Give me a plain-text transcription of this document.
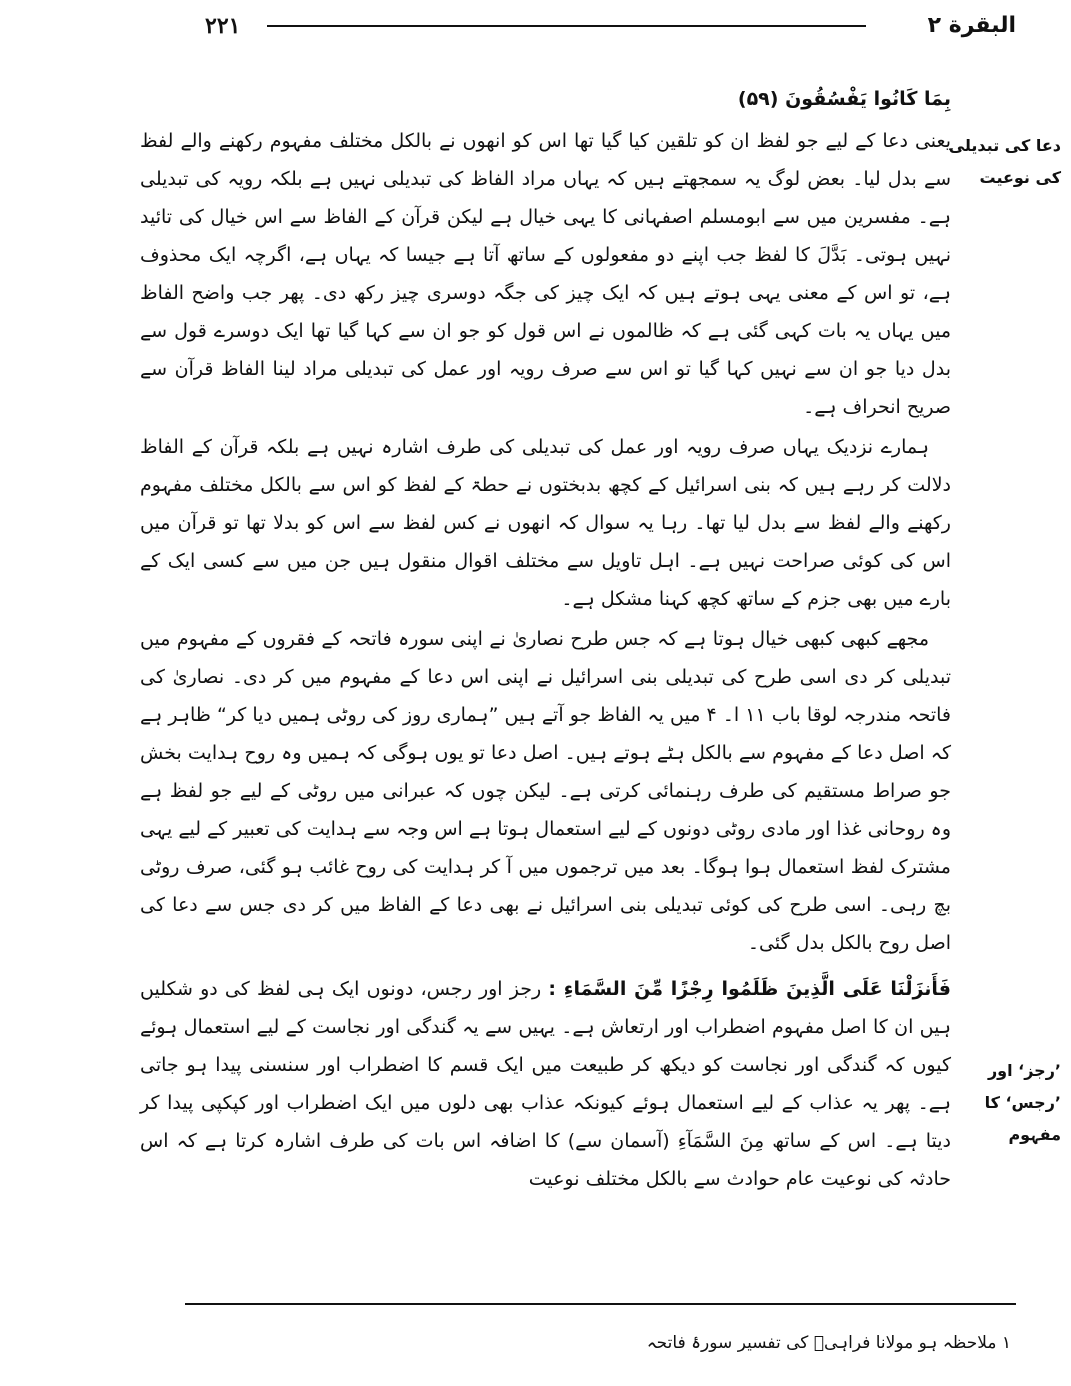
۲۲۱	البقرة ۲
دعا کی تبدیلی کی نوعیت
’رجز‘ اور ’رجس‘ کا مفہوم

بِمَا كَانُوا يَفْسُقُونَ (۵۹)

یعنی دعا کے لیے جو لفظ ان کو تلقین کیا گیا تھا اس کو انھوں نے بالکل مختلف مفہوم رکھنے والے لفظ سے بدل لیا۔ بعض لوگ یہ سمجھتے ہیں کہ یہاں مراد الفاظ کی تبدیلی نہیں ہے بلکہ رویہ کی تبدیلی ہے۔ مفسرین میں سے ابومسلم اصفہانی کا یہی خیال ہے لیکن قرآن کے الفاظ سے اس خیال کی تائید نہیں ہوتی۔ بَدَّلَ کا لفظ جب اپنے دو مفعولوں کے ساتھ آتا ہے جیسا کہ یہاں ہے، اگرچہ ایک محذوف ہے، تو اس کے معنی یہی ہوتے ہیں کہ ایک چیز کی جگہ دوسری چیز رکھ دی۔ پھر جب واضح الفاظ میں یہاں یہ بات کہی گئی ہے کہ ظالموں نے اس قول کو جو ان سے کہا گیا تھا ایک دوسرے قول سے بدل دیا جو ان سے نہیں کہا گیا تو اس سے صرف رویہ اور عمل کی تبدیلی مراد لینا الفاظ قرآن سے صریح انحراف ہے۔

ہمارے نزدیک یہاں صرف رویہ اور عمل کی تبدیلی کی طرف اشارہ نہیں ہے بلکہ قرآن کے الفاظ دلالت کر رہے ہیں کہ بنی اسرائیل کے کچھ بدبختوں نے حطۃ کے لفظ کو اس سے بالکل مختلف مفہوم رکھنے والے لفظ سے بدل لیا تھا۔ رہا یہ سوال کہ انھوں نے کس لفظ سے اس کو بدلا تھا تو قرآن میں اس کی کوئی صراحت نہیں ہے۔ اہل تاویل سے مختلف اقوال منقول ہیں جن میں سے کسی ایک کے بارے میں بھی جزم کے ساتھ کچھ کہنا مشکل ہے۔

مجھے کبھی کبھی خیال ہوتا ہے کہ جس طرح نصاریٰ نے اپنی سورہ فاتحہ کے فقروں کے مفہوم میں تبدیلی کر دی اسی طرح کی تبدیلی بنی اسرائیل نے اپنی اس دعا کے مفہوم میں کر دی۔ نصاریٰ کی فاتحہ مندرجہ لوقا باب ۱۱ ا۔ ۴ میں یہ الفاظ جو آتے ہیں ”ہماری روز کی روٹی ہمیں دیا کر“ ظاہر ہے کہ اصل دعا کے مفہوم سے بالکل ہٹے ہوتے ہیں۔ اصل دعا تو یوں ہوگی کہ ہمیں وہ روح ہدایت بخش جو صراط مستقیم کی طرف رہنمائی کرتی ہے۔ لیکن چوں کہ عبرانی میں روٹی کے لیے جو لفظ ہے وہ روحانی غذا اور مادی روٹی دونوں کے لیے استعمال ہوتا ہے اس وجہ سے ہدایت کی تعبیر کے لیے یہی مشترک لفظ استعمال ہوا ہوگا۔ بعد میں ترجموں میں آ کر ہدایت کی روح غائب ہو گئی، صرف روٹی بچ رہی۔ اسی طرح کی کوئی تبدیلی بنی اسرائیل نے بھی دعا کے الفاظ میں کر دی جس سے دعا کی اصل روح بالکل بدل گئی۔

فَأَنزَلْنَا عَلَى الَّذِينَ ظَلَمُوا رِجْزًا مِّنَ السَّمَاءِ : رجز اور رجس، دونوں ایک ہی لفظ کی دو شکلیں ہیں ان کا اصل مفہوم اضطراب اور ارتعاش ہے۔ یہیں سے یہ گندگی اور نجاست کے لیے استعمال ہوئے کیوں کہ گندگی اور نجاست کو دیکھ کر طبیعت میں ایک قسم کا اضطراب اور سنسنی پیدا ہو جاتی ہے۔ پھر یہ عذاب کے لیے استعمال ہوئے کیونکہ عذاب بھی دلوں میں ایک اضطراب اور کپکپی پیدا کر دیتا ہے۔ اس کے ساتھ مِنَ السَّمَآءِ (آسمان سے) کا اضافہ اس بات کی طرف اشارہ کرتا ہے کہ اس حادثہ کی نوعیت عام حوادث سے بالکل مختلف نوعیت

۱ ملاحظہ ہو مولانا فراہیؒ کی تفسیر سورۂ فاتحہ
